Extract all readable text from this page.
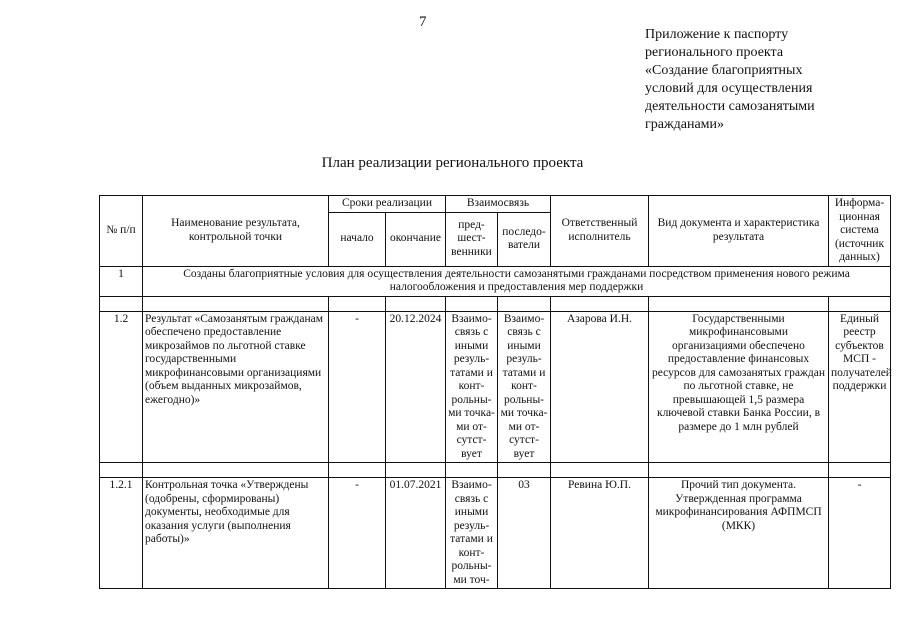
7
Приложение к паспорту
регионального проекта
«Создание благоприятных
условий для осуществления
деятельности самозанятыми
гражданами»
План реализации регионального проекта
№ п/п	Наименование результата, контрольной точки	Сроки реализации		Взаимосвязь		Ответственный исполнитель	Вид документа и характеристика результата	Информа-ционная система (источник данных)
		начало	окончание	пред-шест-венники	последо-ватели			
1	Созданы благоприятные условия для осуществления деятельности самозанятыми гражданами посредством применения нового режима налогообложения и предоставления мер поддержки							

1.2	Результат «Самозанятым гражданам обеспечено предоставление микрозаймов по льготной ставке государственными микрофинансовыми организациями (объем выданных микрозаймов, ежегодно)»	-	20.12.2024	Взаимо-связь с иными резуль-татами и конт-рольны-ми точка-ми от-сутст-вует	Взаимо-связь с иными резуль-татами и конт-рольны-ми точка-ми от-сутст-вует	Азарова И.Н.	Государственными микрофинансовыми организациями обеспечено предоставление финансовых ресурсов для самозанятых граждан по льготной ставке, не превышающей 1,5 размера ключевой ставки Банка России, в размере до 1 млн рублей	Единый реестр субъектов МСП - получателей поддержки

1.2.1	Контрольная точка «Утверждены (одобрены, сформированы) документы, необходимые для оказания услуги (выполнения работы)»	-	01.07.2021	Взаимо-связь с иными резуль-татами и конт-рольны-ми точ-	03	Ревина Ю.П.	Прочий тип документа. Утвержденная программа микрофинансирования АФПМСП (МКК)	-
